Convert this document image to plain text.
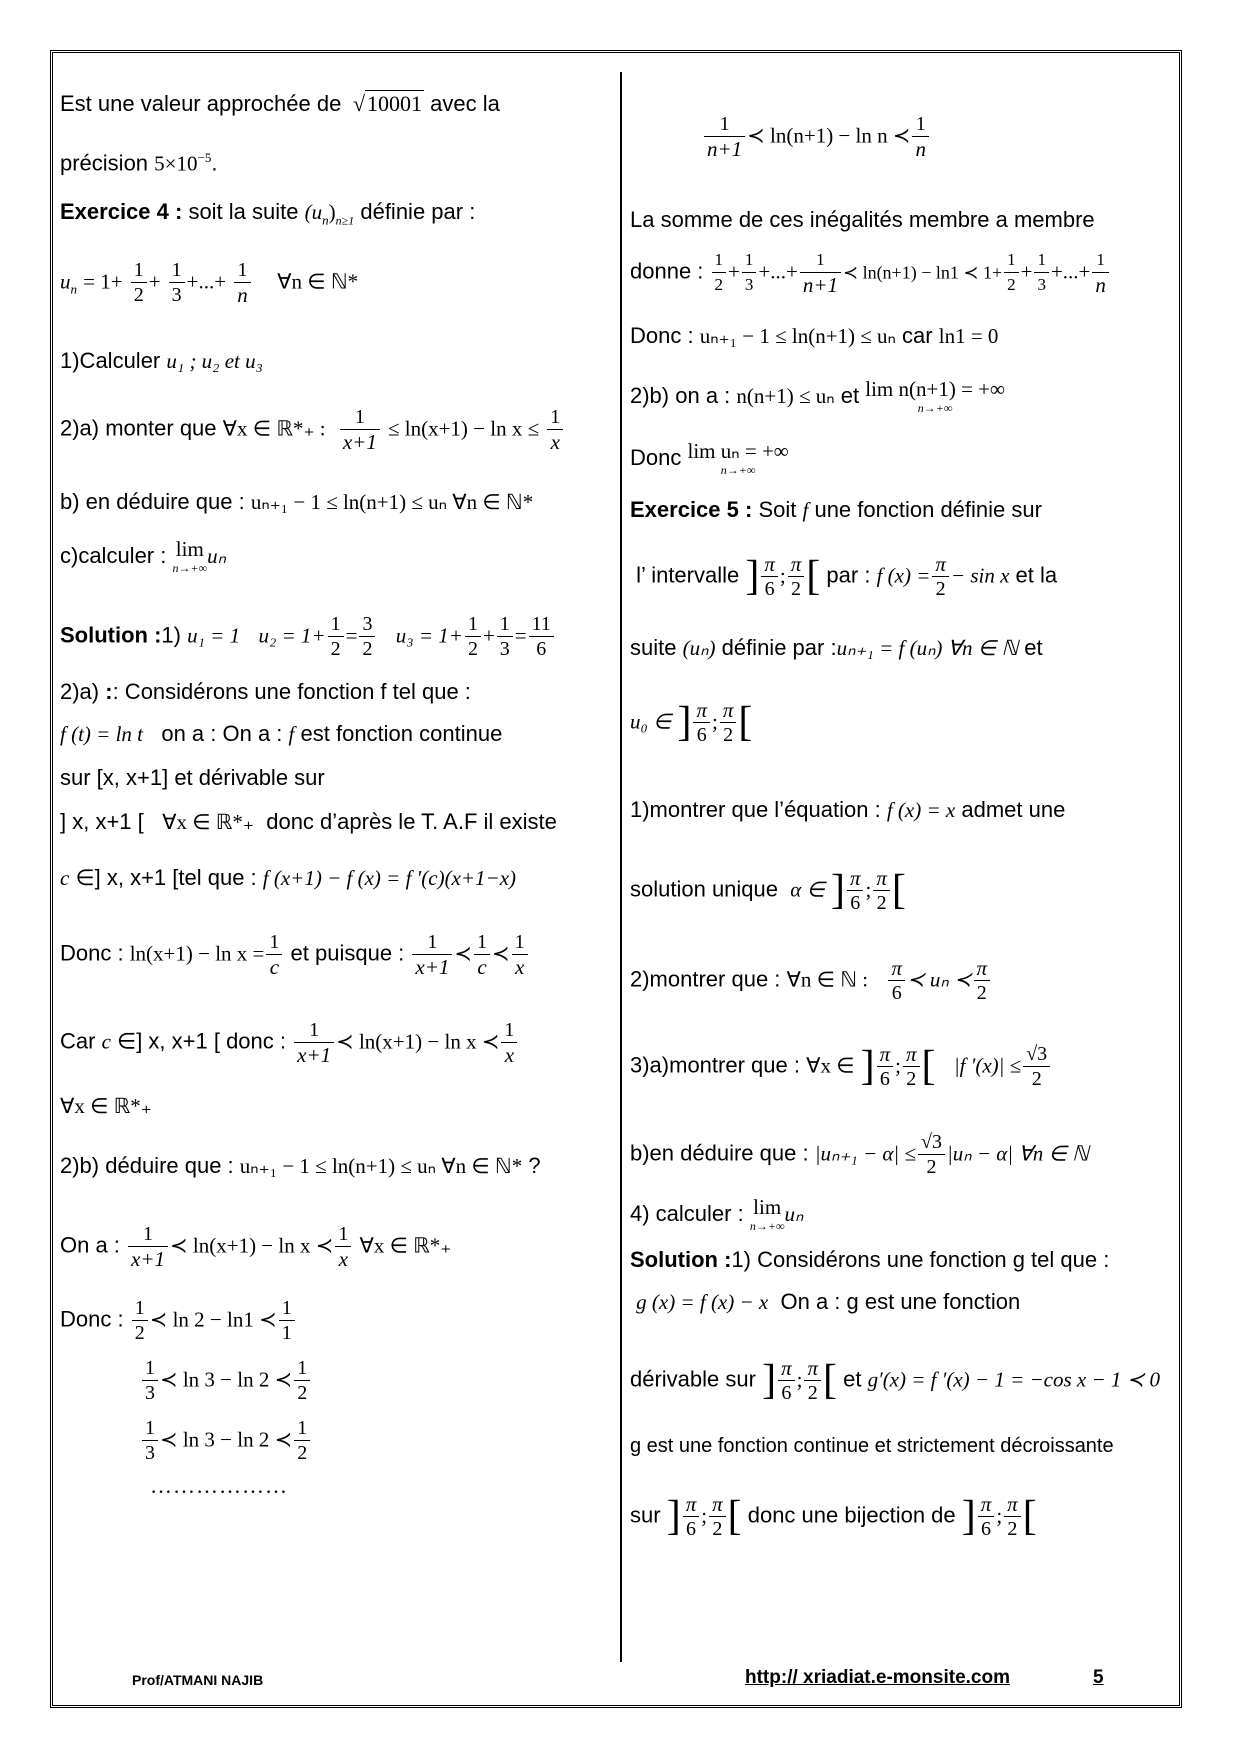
Est une valeur approchée de  √10001 avec la
précision $5\times 10^{-5}$.
Exercice 4 : soit la suite $(u_n)_{n\ge 1}$ définie par :
$u_n = 1+ \frac{1}{2} + \frac{1}{3}$ +...+ $\frac{1}{n}$ ∀n ∈ ℕ*
1)Calculer u₁ ; u₂ et u₃
2)a) monter que ∀x ∈ ℝ*₊ : $\frac{1}{x+1} \le \ln(x+1) - \ln x \le \frac{1}{x}$
b) en déduire que : uₙ₊₁ − 1 ≤ ln(n+1) ≤ uₙ ∀n ∈ ℕ*
c)calculer : lim
n→+∞
uₙ
Solution :1) u₁ = 1 $u_2 = 1+ \frac{1}{2} = \frac{3}{2} u_3 = 1+ \frac{1}{2} + \frac{1}{3} = \frac{11}{6}$
2)a) :: Considérons une fonction f tel que :
f (t) = ln t on a : On a : f est fonction continue
sur [x, x+1] et dérivable sur
] x, x+1 [ ∀x ∈ ℝ*₊ donc d’après le T. A.F il existe
c ∈] x, x+1 [tel que : f (x+1) − f (x) = f ′(c)(x+1−x)
Donc : $\ln(x+1) - \ln x = \frac{1}{c}$ et puisque : $\frac{1}{x+1}$ ≺ $\frac{1}{c}$ ≺ $\frac{1}{x}$
Car c ∈] x, x+1 [ donc : $\frac{1}{x+1}$ ≺ ln(x+1) − ln x ≺ $\frac{1}{x}$
∀x ∈ ℝ*₊
2)b) déduire que : uₙ₊₁ − 1 ≤ ln(n+1) ≤ uₙ ∀n ∈ ℕ* ?
On a : $\frac{1}{x+1}$ ≺ ln(x+1) − ln x ≺ $\frac{1}{x}$ ∀x ∈ ℝ*₊
Donc : $\frac{1}{2}$ ≺ ln 2 − ln1 ≺ $\frac{1}{1}$
$\frac{1}{3}$ ≺ ln 3 − ln 2 ≺ $\frac{1}{2}$
$\frac{1}{3}$ ≺ ln 3 − ln 2 ≺ $\frac{1}{2}$
………………
$\frac{1}{n+1}$ ≺ ln(n+1) − ln n ≺ $\frac{1}{n}$
La somme de ces inégalités membre a membre
donne : $\frac{1}{2} + \frac{1}{3}$ +...+ $\frac{1}{n+1}$ ≺ ln(n+1) − ln1 ≺ $1+ \frac{1}{2} + \frac{1}{3}$ +...+ $\frac{1}{n}$
Donc : uₙ₊₁ − 1 ≤ ln(n+1) ≤ uₙ car ln1 = 0
2)b) on a : n(n+1) ≤ uₙ et lim n(n+1) = +∞
n→+∞
Donc lim uₙ = +∞
n→+∞
Exercice 5 : Soit f une fonction définie sur
l’ intervalle ] $\frac{\pi}{6}$ ; $\frac{\pi}{2}$ [ par : f $(x) = \frac{\pi}{2} - \sin x$ et la
suite (uₙ) définie par :uₙ₊₁ = f (uₙ) ∀n ∈ ℕ et
u₀ ∈ ] $\frac{\pi}{6}$ ; $\frac{\pi}{2}$ [
1)montrer que l’équation : f (x) = x admet une
solution unique α ∈ ] $\frac{\pi}{6}$ ; $\frac{\pi}{2}$ [
2)montrer que : ∀n ∈ ℕ : $\frac{\pi}{6}$ ≺ uₙ ≺ $\frac{\pi}{2}$
3)a)montrer que : ∀x ∈ ] $\frac{\pi}{6}$ ; $\frac{\pi}{2}$ [ |f $'(x)| \le \frac{√3}{2}$
b)en déduire que : $|u_{n+1} - \alpha| \le \frac{√3}{2} |u_n - \alpha|$ ∀n ∈ ℕ
4) calculer : lim
n→+∞
uₙ
Solution :1) Considérons une fonction g tel que :
g (x) = f (x) − x On a : g est une fonction
dérivable sur ] $\frac{\pi}{6}$ ; $\frac{\pi}{2}$ [ et g′(x) = f ′(x) − 1 = −cos x − 1 ≺ 0
g est une fonction continue et strictement décroissante
sur ] $\frac{\pi}{6}$ ; $\frac{\pi}{2}$ [ donc une bijection de ] $\frac{\pi}{6}$ ; $\frac{\pi}{2}$ [
Prof/ATMANI NAJIB	http:// xriadiat.e-monsite.com	5
